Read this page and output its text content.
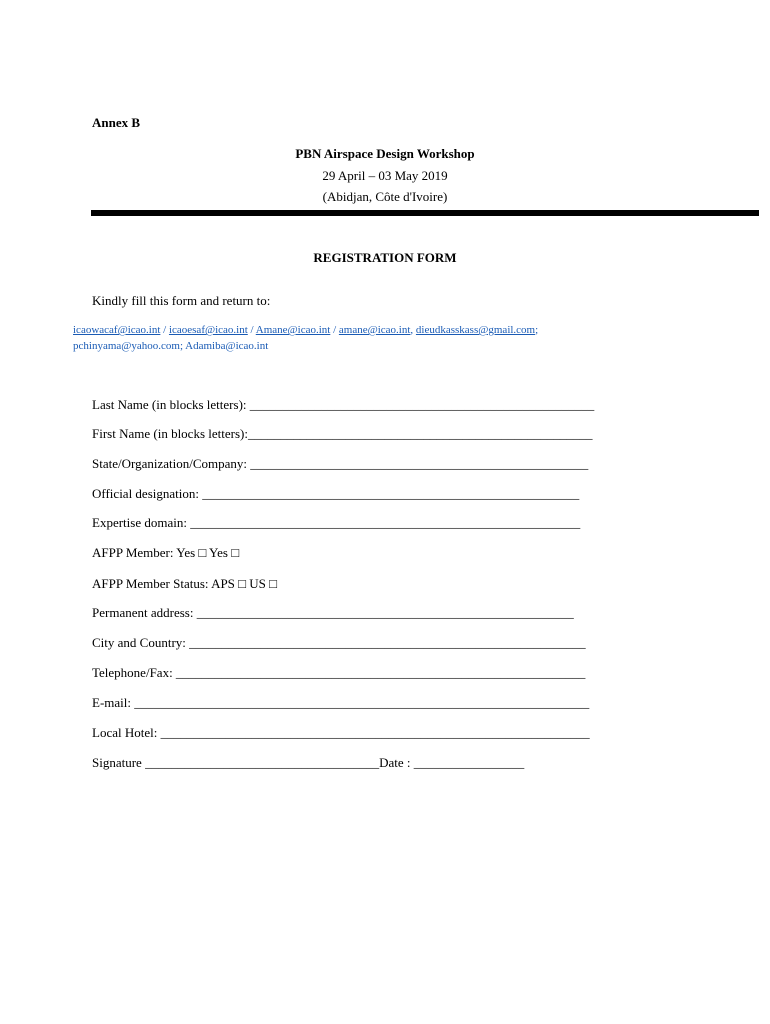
Annex B
PBN Airspace Design Workshop
29 April – 03 May 2019
(Abidjan, Côte d'Ivoire)
REGISTRATION FORM
Kindly fill this form and return to:
icaowacaf@icao.int / icaoesaf@icao.int / Amane@icao.int / amane@icao.int, dieudkasskass@gmail.com;
pchinyama@yahoo.com; Adamiba@icao.int
Last Name (in blocks letters): _____________________________________________________
First Name (in blocks letters):_____________________________________________________
State/Organization/Company: ____________________________________________________
Official designation: __________________________________________________________
Expertise domain: ____________________________________________________________
AFPP Member: Yes □ Yes □
AFPP Member Status: APS □ US □
Permanent address: __________________________________________________________
City and Country: _____________________________________________________________
Telephone/Fax: _______________________________________________________________
E-mail: ______________________________________________________________________
Local Hotel: __________________________________________________________________
Signature ____________________________________Date : _________________
